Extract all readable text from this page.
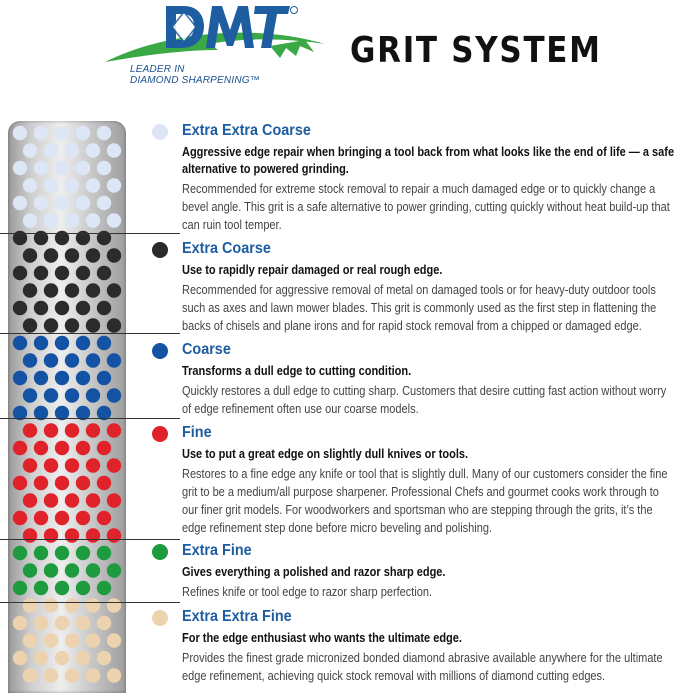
LEADER IN
DIAMOND SHARPENING™
GRIT SYSTEM
Extra Extra Coarse
Aggressive edge repair when bringing a tool back from what looks like the end of life — a safe alternative to powered grinding.
Recommended for extreme stock removal to repair a much damaged edge or to quickly change a bevel angle. This grit is a safe alternative to power grinding, cutting quickly without heat build-up that can ruin tool temper.
Extra Coarse
Use to rapidly repair damaged or real rough edge.
Recommended for aggressive removal of metal on damaged tools or for heavy-duty outdoor tools such as axes and lawn mower blades. This grit is commonly used as the first step in flattening the backs of chisels and plane irons and for rapid stock removal from a chipped or damaged edge.
Coarse
Transforms a dull edge to cutting condition.
Quickly restores a dull edge to cutting sharp. Customers that desire cutting fast action without worry of edge refinement often use our coarse models.
Fine
Use to put a great edge on slightly dull knives or tools.
Restores to a fine edge any knife or tool that is slightly dull. Many of our customers consider the fine grit to be a medium/all purpose sharpener. Professional Chefs and gourmet cooks work through to our finer grit models. For woodworkers and sportsman who are stepping through the grits, it’s the edge refinement step done before micro beveling and polishing.
Extra Fine
Gives everything a polished and razor sharp edge.
Refines knife or tool edge to razor sharp perfection.
Extra Extra Fine
For the edge enthusiast who wants the ultimate edge.
Provides the finest grade micronized bonded diamond abrasive available anywhere for the ultimate edge refinement, achieving quick stock removal with millions of diamond cutting edges.
